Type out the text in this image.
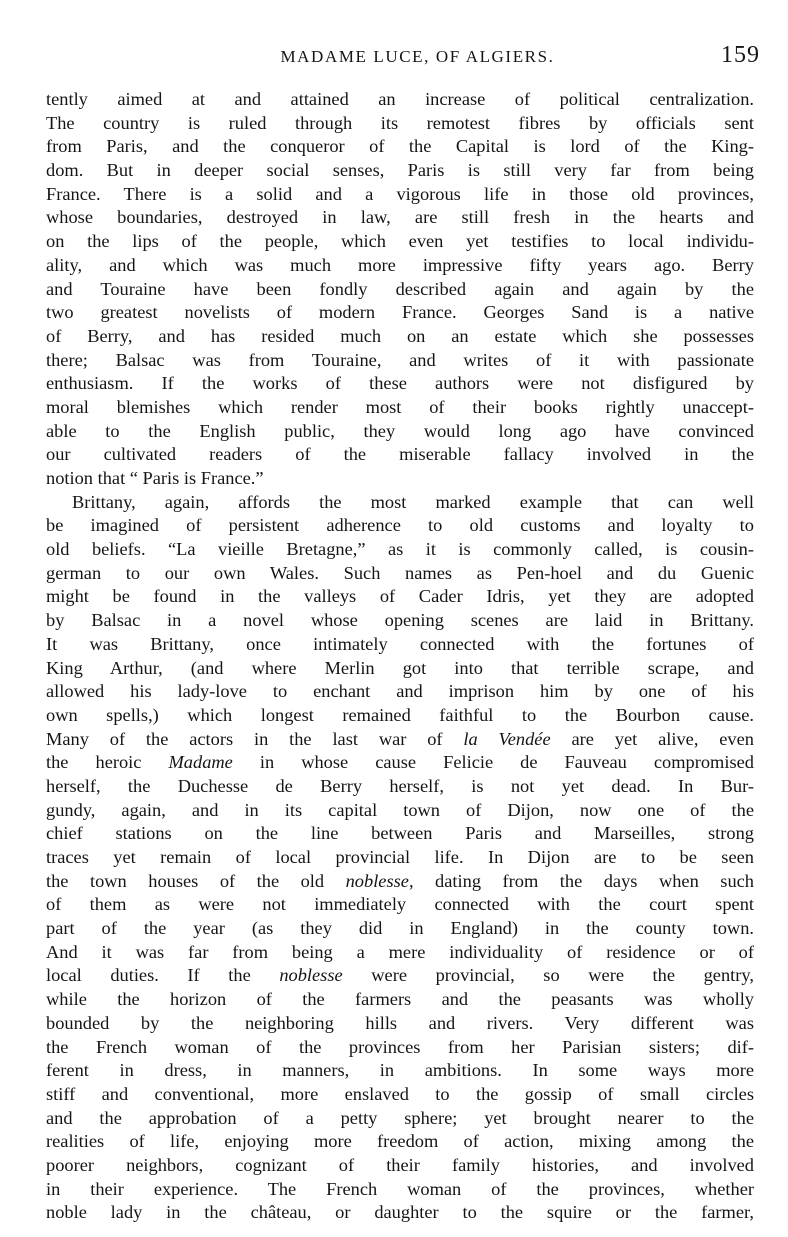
MADAME LUCE, OF ALGIERS.	159
tently aimed at and attained an increase of political centralization.
The country is ruled through its remotest fibres by officials sent
from Paris, and the conqueror of the Capital is lord of the King-
dom. But in deeper social senses, Paris is still very far from being
France. There is a solid and a vigorous life in those old provinces,
whose boundaries, destroyed in law, are still fresh in the hearts and
on the lips of the people, which even yet testifies to local individu-
ality, and which was much more impressive fifty years ago. Berry
and Touraine have been fondly described again and again by the
two greatest novelists of modern France. Georges Sand is a native
of Berry, and has resided much on an estate which she possesses
there; Balsac was from Touraine, and writes of it with passionate
enthusiasm. If the works of these authors were not disfigured by
moral blemishes which render most of their books rightly unaccept-
able to the English public, they would long ago have convinced
our cultivated readers of the miserable fallacy involved in the
notion that “ Paris is France.”
Brittany, again, affords the most marked example that can well
be imagined of persistent adherence to old customs and loyalty to
old beliefs. “La vieille Bretagne,” as it is commonly called, is cousin-
german to our own Wales. Such names as Pen-hoel and du Guenic
might be found in the valleys of Cader Idris, yet they are adopted
by Balsac in a novel whose opening scenes are laid in Brittany.
It was Brittany, once intimately connected with the fortunes of
King Arthur, (and where Merlin got into that terrible scrape, and
allowed his lady-love to enchant and imprison him by one of his
own spells,) which longest remained faithful to the Bourbon cause.
Many of the actors in the last war of la Vendée are yet alive, even
the heroic Madame in whose cause Felicie de Fauveau compromised
herself, the Duchesse de Berry herself, is not yet dead. In Bur-
gundy, again, and in its capital town of Dijon, now one of the
chief stations on the line between Paris and Marseilles, strong
traces yet remain of local provincial life. In Dijon are to be seen
the town houses of the old noblesse, dating from the days when such
of them as were not immediately connected with the court spent
part of the year (as they did in England) in the county town.
And it was far from being a mere individuality of residence or of
local duties. If the noblesse were provincial, so were the gentry,
while the horizon of the farmers and the peasants was wholly
bounded by the neighboring hills and rivers. Very different was
the French woman of the provinces from her Parisian sisters; dif-
ferent in dress, in manners, in ambitions. In some ways more
stiff and conventional, more enslaved to the gossip of small circles
and the approbation of a petty sphere; yet brought nearer to the
realities of life, enjoying more freedom of action, mixing among the
poorer neighbors, cognizant of their family histories, and involved
in their experience. The French woman of the provinces, whether
noble lady in the château, or daughter to the squire or the farmer,
